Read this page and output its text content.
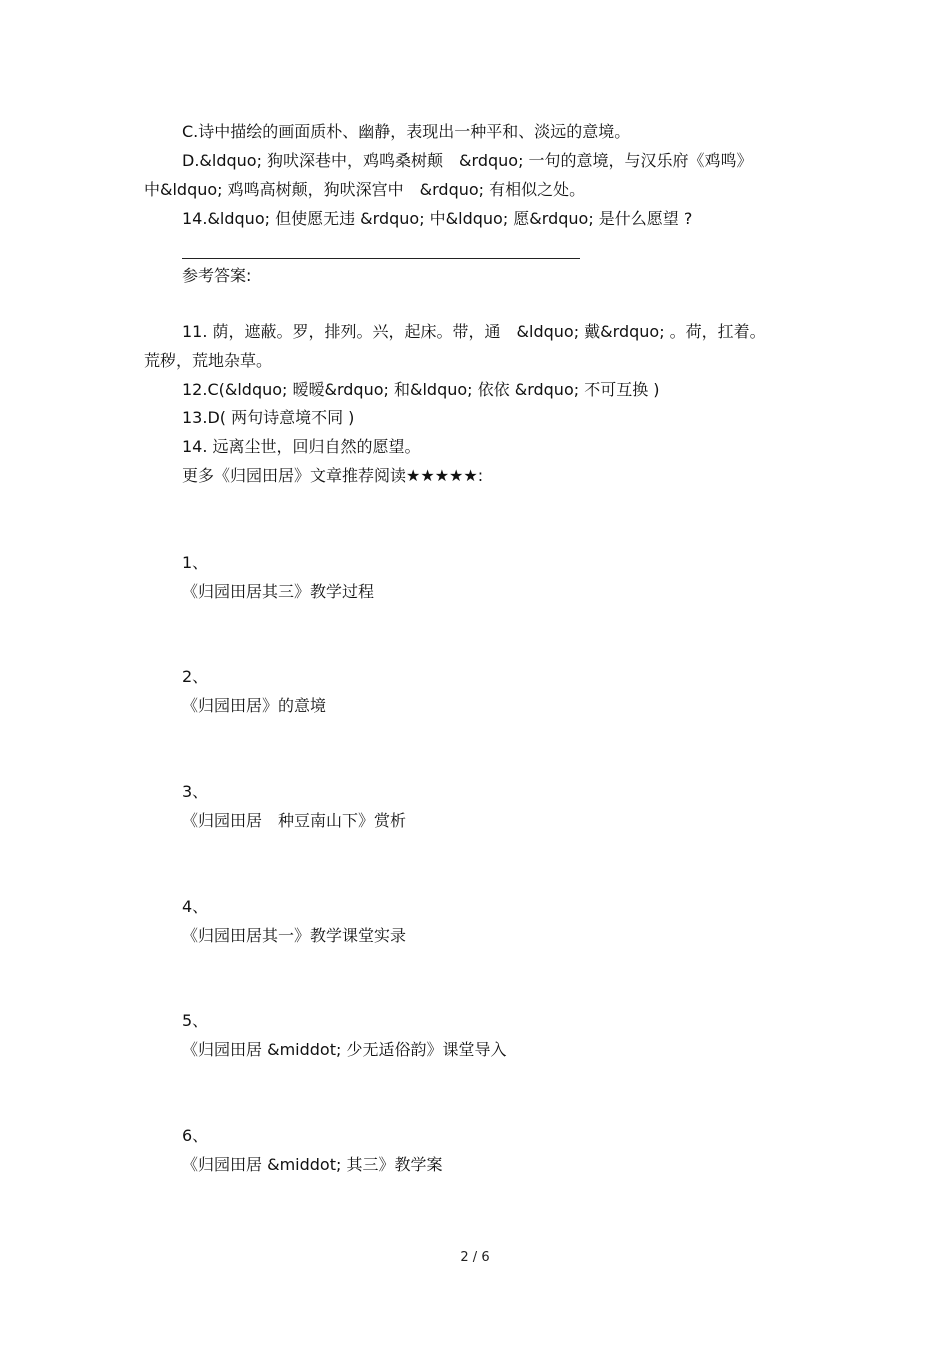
C.诗中描绘的画面质朴、幽静，表现出一种平和、淡远的意境。
D.&ldquo; 狗吠深巷中，鸡鸣桑树颠　&rdquo; 一句的意境，与汉乐府《鸡鸣》
中&ldquo; 鸡鸣高树颠，狗吠深宫中　&rdquo; 有相似之处。
14.&ldquo; 但使愿无违 &rdquo; 中&ldquo; 愿&rdquo; 是什么愿望 ?
参考答案:
11. 荫，遮蔽。罗，排列。兴，起床。带，通　&ldquo; 戴&rdquo; 。荷，扛着。
荒秽，荒地杂草。
12.C(&ldquo; 暧暧&rdquo; 和&ldquo; 依依 &rdquo; 不可互换 )
13.D( 两句诗意境不同 )
14. 远离尘世，回归自然的愿望。
更多《归园田居》文章推荐阅读★★★★★:
1、
《归园田居其三》教学过程
2、
《归园田居》的意境
3、
《归园田居　种豆南山下》赏析
4、
《归园田居其一》教学课堂实录
5、
《归园田居 &middot; 少无适俗韵》课堂导入
6、
《归园田居 &middot; 其三》教学案
2 / 6
